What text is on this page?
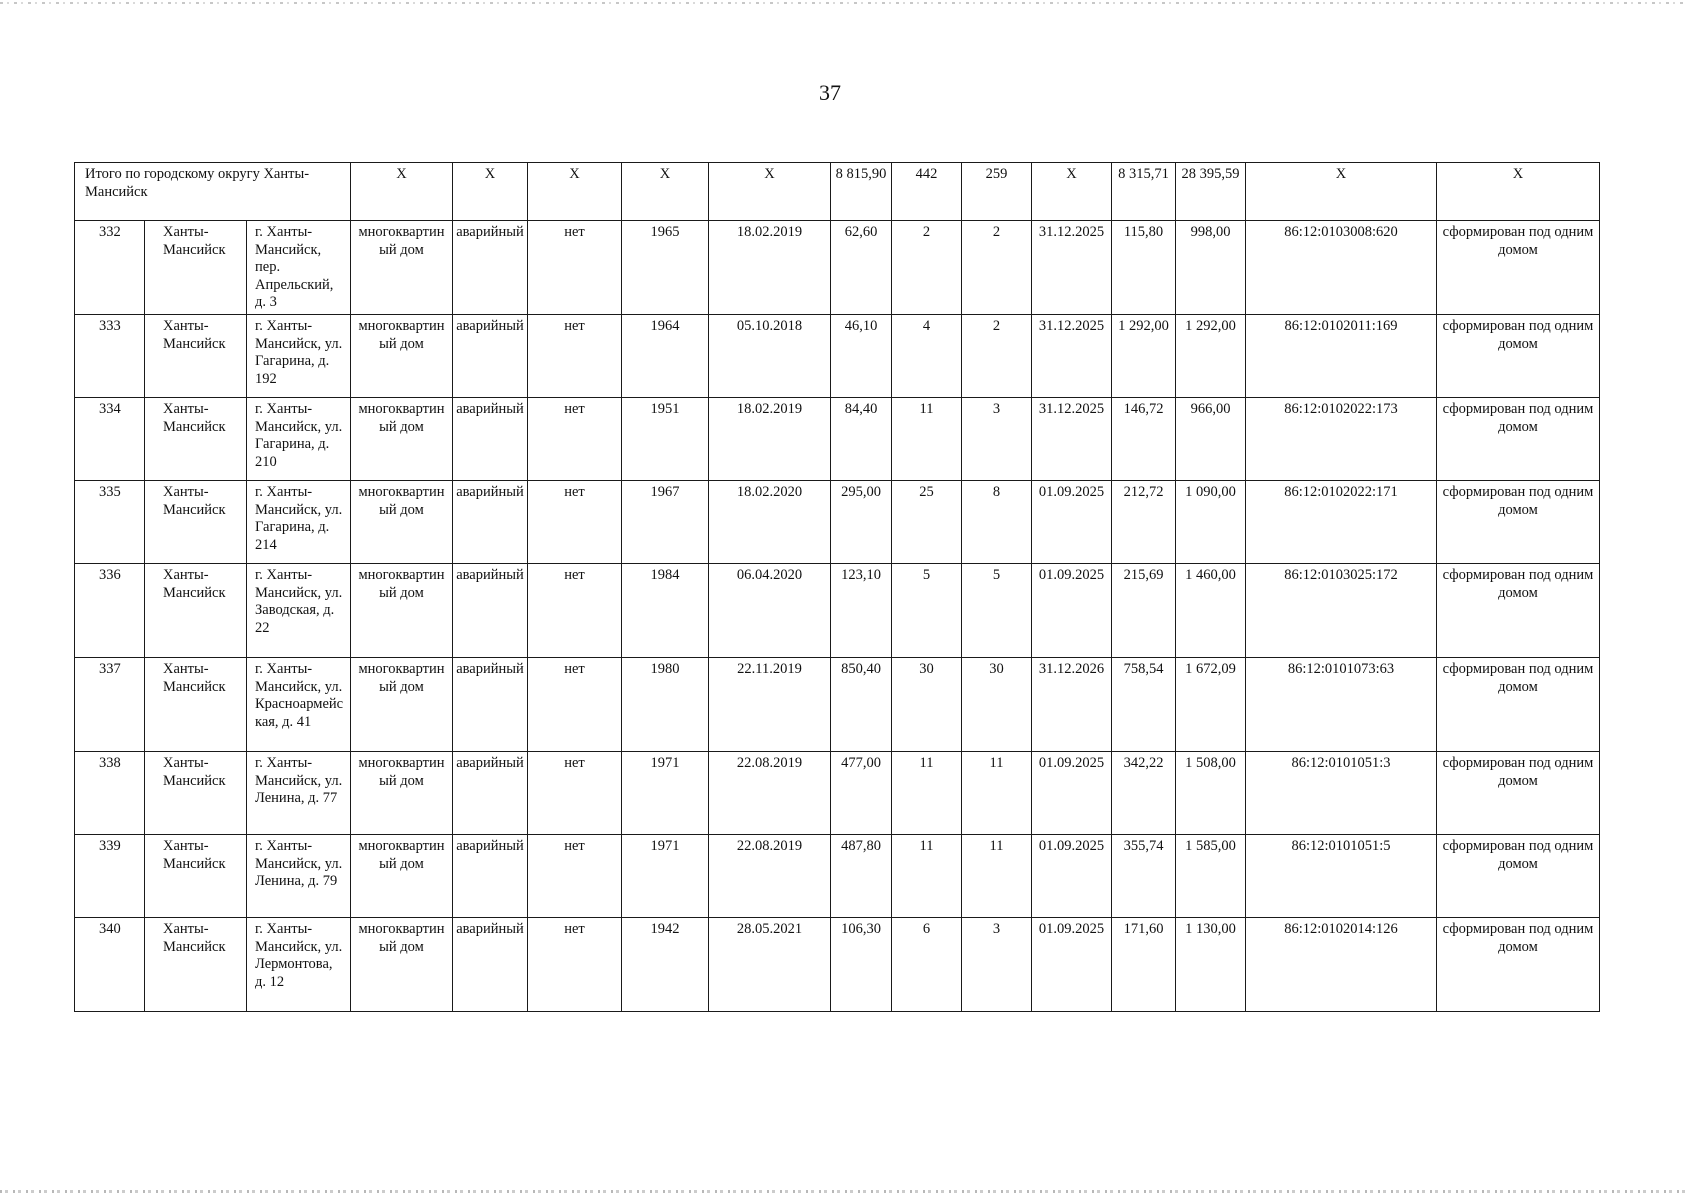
37
Итого по городскому округу Ханты-Мансийск			Х	Х	Х	Х	Х	8 815,90	442	259	Х	8 315,71	28 395,59	Х	Х
332	Ханты-Мансийск	г. Ханты-Мансийск, пер. Апрельский, д. 3	многоквартиный дом	аварийный	нет	1965	18.02.2019	62,60	2	2	31.12.2025	115,80	998,00	86:12:0103008:620	сформирован под одним домом
333	Ханты-Мансийск	г. Ханты-Мансийск, ул. Гагарина, д. 192	многоквартиный дом	аварийный	нет	1964	05.10.2018	46,10	4	2	31.12.2025	1 292,00	1 292,00	86:12:0102011:169	сформирован под одним домом
334	Ханты-Мансийск	г. Ханты-Мансийск, ул. Гагарина, д. 210	многоквартиный дом	аварийный	нет	1951	18.02.2019	84,40	11	3	31.12.2025	146,72	966,00	86:12:0102022:173	сформирован под одним домом
335	Ханты-Мансийск	г. Ханты-Мансийск, ул. Гагарина, д. 214	многоквартиный дом	аварийный	нет	1967	18.02.2020	295,00	25	8	01.09.2025	212,72	1 090,00	86:12:0102022:171	сформирован под одним домом
336	Ханты-Мансийск	г. Ханты-Мансийск, ул. Заводская, д. 22	многоквартиный дом	аварийный	нет	1984	06.04.2020	123,10	5	5	01.09.2025	215,69	1 460,00	86:12:0103025:172	сформирован под одним домом
337	Ханты-Мансийск	г. Ханты-Мансийск, ул. Красноармейская, д. 41	многоквартиный дом	аварийный	нет	1980	22.11.2019	850,40	30	30	31.12.2026	758,54	1 672,09	86:12:0101073:63	сформирован под одним домом
338	Ханты-Мансийск	г. Ханты-Мансийск, ул. Ленина, д. 77	многоквартиный дом	аварийный	нет	1971	22.08.2019	477,00	11	11	01.09.2025	342,22	1 508,00	86:12:0101051:3	сформирован под одним домом
339	Ханты-Мансийск	г. Ханты-Мансийск, ул. Ленина, д. 79	многоквартиный дом	аварийный	нет	1971	22.08.2019	487,80	11	11	01.09.2025	355,74	1 585,00	86:12:0101051:5	сформирован под одним домом
340	Ханты-Мансийск	г. Ханты-Мансийск, ул. Лермонтова, д. 12	многоквартиный дом	аварийный	нет	1942	28.05.2021	106,30	6	3	01.09.2025	171,60	1 130,00	86:12:0102014:126	сформирован под одним домом
